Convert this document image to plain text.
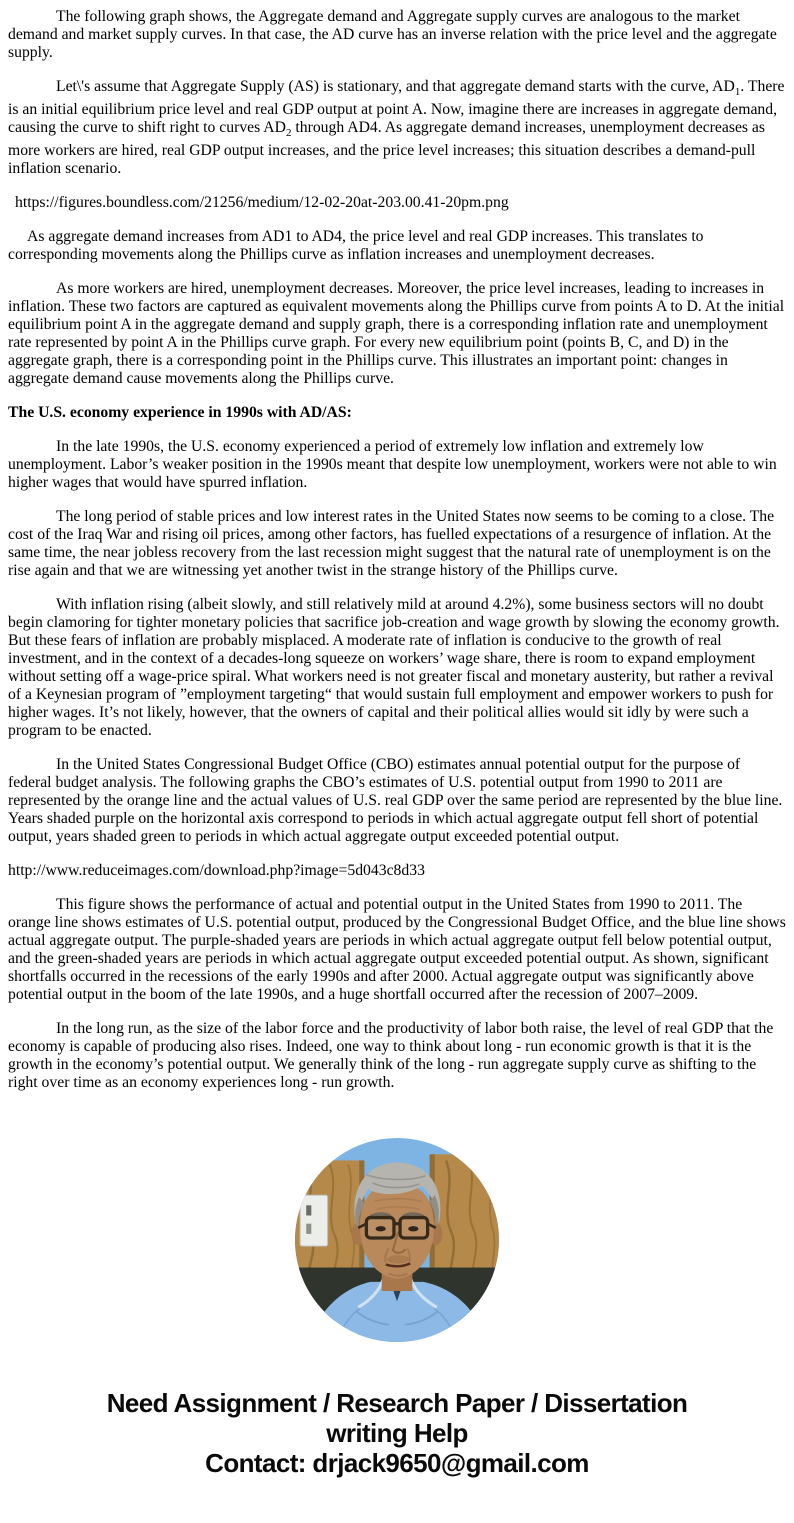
The following graph shows, the Aggregate demand and Aggregate supply curves are analogous to the market demand and market supply curves. In that case, the AD curve has an inverse relation with the price level and the aggregate supply.

Let\'s assume that Aggregate Supply (AS) is stationary, and that aggregate demand starts with the curve, $AD_1$. There is an initial equilibrium price level and real GDP output at point A. Now, imagine there are increases in aggregate demand, causing the curve to shift right to curves $AD_2$ through AD4. As aggregate demand increases, unemployment decreases as more workers are hired, real GDP output increases, and the price level increases; this situation describes a demand-pull inflation scenario.

https://figures.boundless.com/21256/medium/12-02-20at-203.00.41-20pm.png

As aggregate demand increases from AD1 to AD4, the price level and real GDP increases. This translates to corresponding movements along the Phillips curve as inflation increases and unemployment decreases.

As more workers are hired, unemployment decreases. Moreover, the price level increases, leading to increases in inflation. These two factors are captured as equivalent movements along the Phillips curve from points A to D. At the initial equilibrium point A in the aggregate demand and supply graph, there is a corresponding inflation rate and unemployment rate represented by point A in the Phillips curve graph. For every new equilibrium point (points B, C, and D) in the aggregate graph, there is a corresponding point in the Phillips curve. This illustrates an important point: changes in aggregate demand cause movements along the Phillips curve.

The U.S. economy experience in 1990s with AD/AS:

In the late 1990s, the U.S. economy experienced a period of extremely low inflation and extremely low unemployment. Labor’s weaker position in the 1990s meant that despite low unemployment, workers were not able to win higher wages that would have spurred inflation.

The long period of stable prices and low interest rates in the United States now seems to be coming to a close. The cost of the Iraq War and rising oil prices, among other factors, has fuelled expectations of a resurgence of inflation. At the same time, the near jobless recovery from the last recession might suggest that the natural rate of unemployment is on the rise again and that we are witnessing yet another twist in the strange history of the Phillips curve.

With inflation rising (albeit slowly, and still relatively mild at around 4.2%), some business sectors will no doubt begin clamoring for tighter monetary policies that sacrifice job-creation and wage growth by slowing the economy growth. But these fears of inflation are probably misplaced. A moderate rate of inflation is conducive to the growth of real investment, and in the context of a decades-long squeeze on workers’ wage share, there is room to expand employment without setting off a wage-price spiral. What workers need is not greater fiscal and monetary austerity, but rather a revival of a Keynesian program of ”employment targeting“ that would sustain full employment and empower workers to push for higher wages. It’s not likely, however, that the owners of capital and their political allies would sit idly by were such a program to be enacted.

In the United States Congressional Budget Office (CBO) estimates annual potential output for the purpose of federal budget analysis. The following graphs the CBO’s estimates of U.S. potential output from 1990 to 2011 are represented by the orange line and the actual values of U.S. real GDP over the same period are represented by the blue line. Years shaded purple on the horizontal axis correspond to periods in which actual aggregate output fell short of potential output, years shaded green to periods in which actual aggregate output exceeded potential output.

http://www.reduceimages.com/download.php?image=5d043c8d33

This figure shows the performance of actual and potential output in the United States from 1990 to 2011. The orange line shows estimates of U.S. potential output, produced by the Congressional Budget Office, and the blue line shows actual aggregate output. The purple-shaded years are periods in which actual aggregate output fell below potential output, and the green-shaded years are periods in which actual aggregate output exceeded potential output. As shown, significant shortfalls occurred in the recessions of the early 1990s and after 2000. Actual aggregate output was significantly above potential output in the boom of the late 1990s, and a huge shortfall occurred after the recession of 2007–2009.

In the long run, as the size of the labor force and the productivity of labor both raise, the level of real GDP that the economy is capable of producing also rises. Indeed, one way to think about long - run economic growth is that it is the growth in the economy’s potential output. We generally think of the long - run aggregate supply curve as shifting to the right over time as an economy experiences long - run growth.

Need Assignment / Research Paper / Dissertation
writing Help
Contact: drjack9650@gmail.com
